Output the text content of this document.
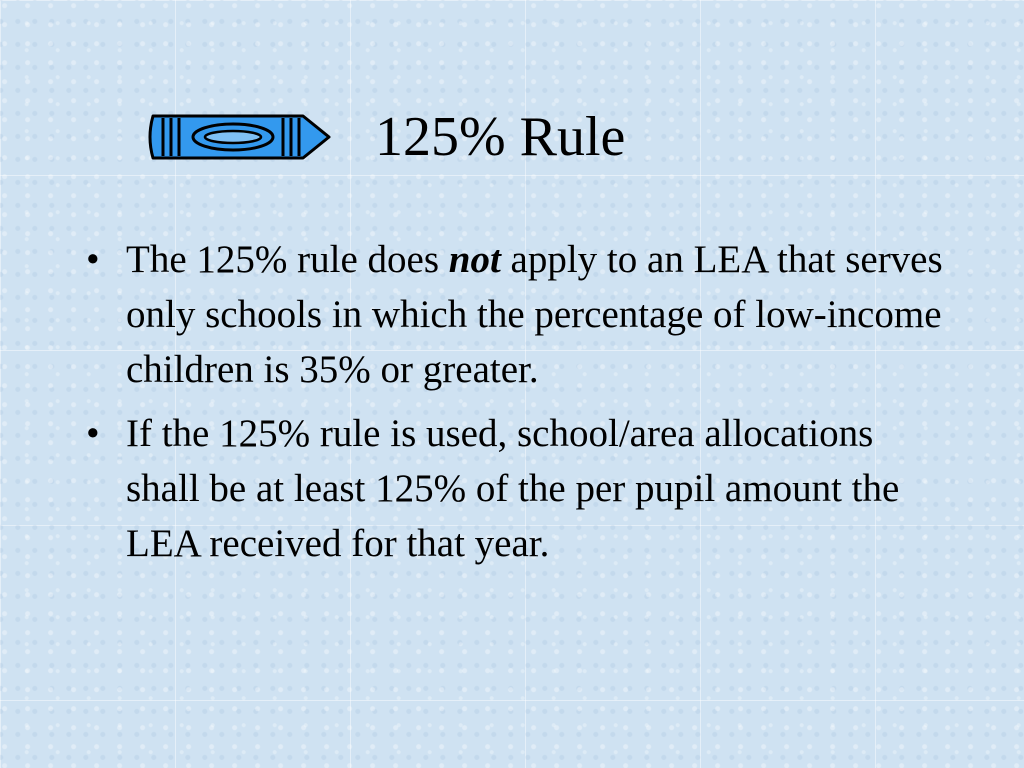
125% Rule
• The 125% rule does not apply to an LEA that serves only schools in which the percentage of low-income children is 35% or greater.
• If the 125% rule is used, school/area allocations shall be at least 125% of the per pupil amount the LEA received for that year.
